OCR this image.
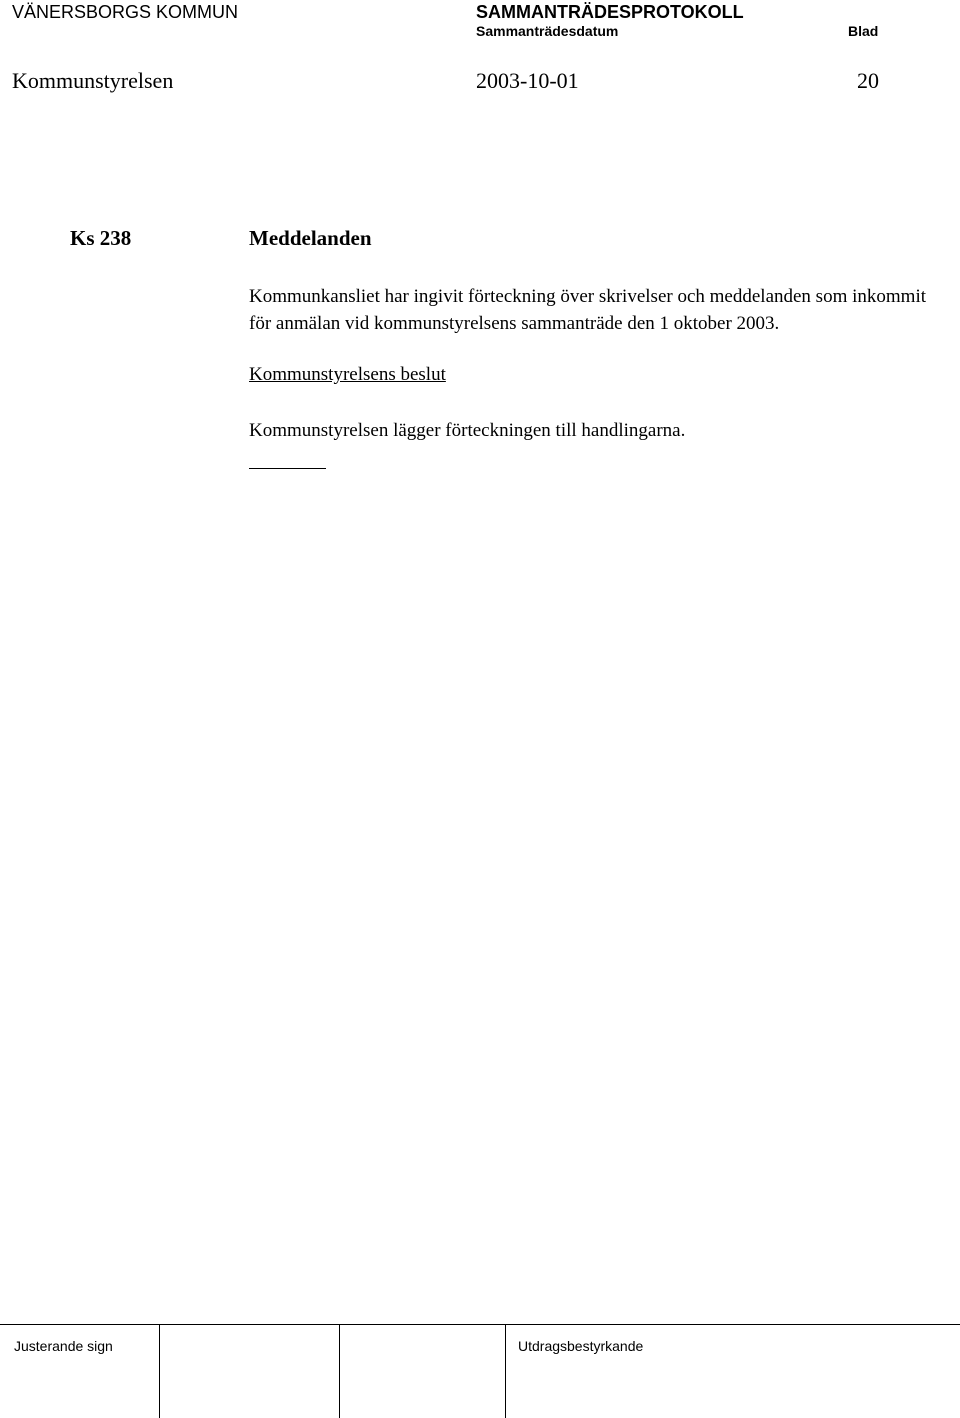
VÄNERSBORGS KOMMUN	SAMMANTRÄDESPROTOKOLL
Sammanträdesdatum	Blad
Kommunstyrelsen	2003-10-01	20
Ks 238	Meddelanden
Kommunkansliet har ingivit förteckning över skrivelser och meddelanden som inkommit för anmälan vid kommunstyrelsens sammanträde den 1 oktober 2003.
Kommunstyrelsens beslut
Kommunstyrelsen lägger förteckningen till handlingarna.
Justerande sign	Utdragsbestyrkande
